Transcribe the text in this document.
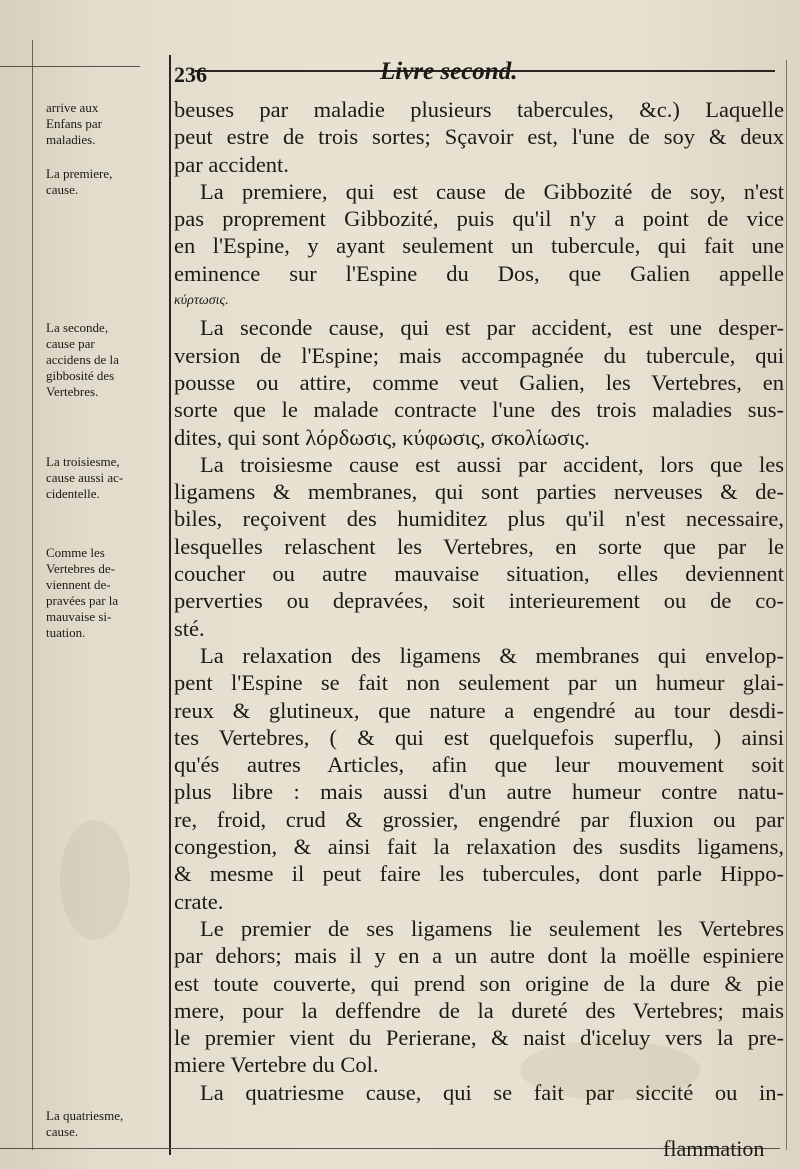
236	Livre second.
arrive aux
Enfans par
maladies.
La premiere,
cause.
La seconde,
cause par
accidens de la
gibbosité des
Vertebres.
La troisiesme,
cause aussi ac-
cidentelle.
Comme les
Vertebres de-
viennent de-
pravées par la
mauvaise si-
tuation.
La quatriesme,
cause.
beuses par maladie plusieurs tabercules, &c.) Laquelle
peut estre de trois sortes; Sçavoir est, l'une de soy & deux
par accident.
La premiere, qui est cause de Gibbozité de soy, n'est
pas proprement Gibbozité, puis qu'il n'y a point de vice
en l'Espine, y ayant seulement un tubercule, qui fait une
eminence sur l'Espine du Dos, que Galien appelle
κύρτωσις.
La seconde cause, qui est par accident, est une desper-
version de l'Espine; mais accompagnée du tubercule, qui
pousse ou attire, comme veut Galien, les Vertebres, en
sorte que le malade contracte l'une des trois maladies sus-
dites, qui sont λόρδωσις, κύφωσις, σκολίωσις.
La troisiesme cause est aussi par accident, lors que les
ligamens & membranes, qui sont parties nerveuses & de-
biles, reçoivent des humiditez plus qu'il n'est necessaire,
lesquelles relaschent les Vertebres, en sorte que par le
coucher ou autre mauvaise situation, elles deviennent
perverties ou depravées, soit interieurement ou de co-
sté.
La relaxation des ligamens & membranes qui envelop-
pent l'Espine se fait non seulement par un humeur glai-
reux & glutineux, que nature a engendré au tour desdi-
tes Vertebres, ( & qui est quelquefois superflu, ) ainsi
qu'és autres Articles, afin que leur mouvement soit
plus libre : mais aussi d'un autre humeur contre natu-
re, froid, crud & grossier, engendré par fluxion ou par
congestion, & ainsi fait la relaxation des susdits ligamens,
& mesme il peut faire les tubercules, dont parle Hippo-
crate.
Le premier de ses ligamens lie seulement les Vertebres
par dehors; mais il y en a un autre dont la moëlle espiniere
est toute couverte, qui prend son origine de la dure & pie
mere, pour la deffendre de la dureté des Vertebres; mais
le premier vient du Perierane, & naist d'iceluy vers la pre-
miere Vertebre du Col.
La quatriesme cause, qui se fait par siccité ou in-
flammation
